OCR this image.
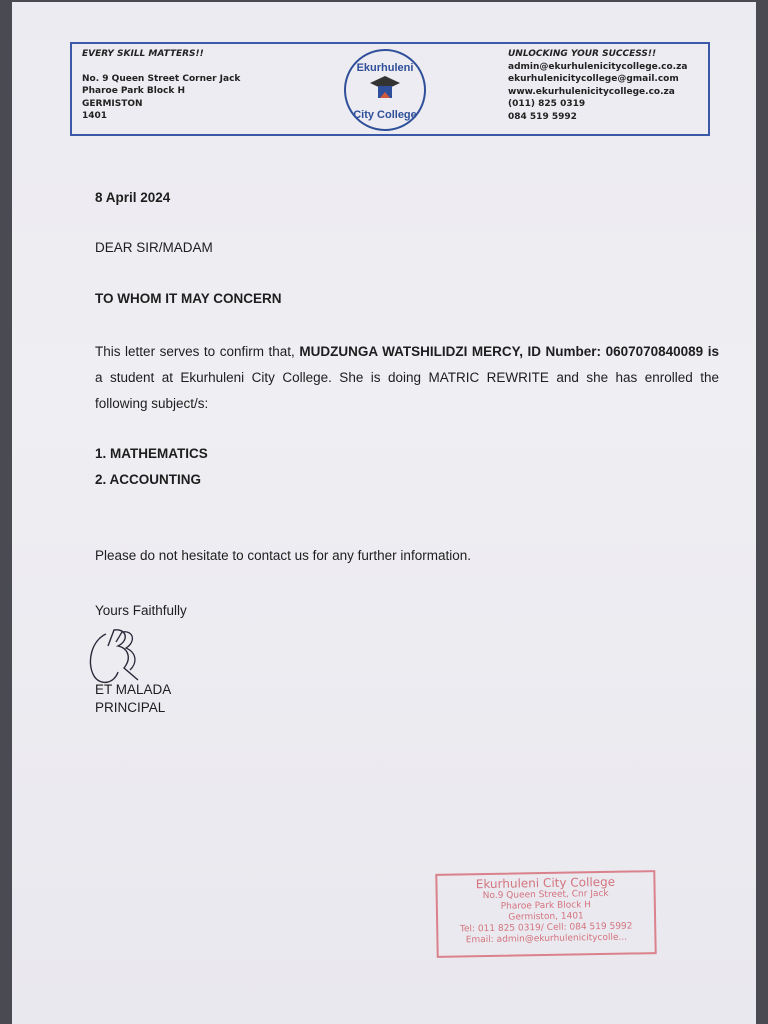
EVERY SKILL MATTERS!!
No. 9 Queen Street Corner Jack
Pharoe Park Block H
GERMISTON
1401
Ekurhuleni
City College
UNLOCKING YOUR SUCCESS!!
admin@ekurhulenicitycollege.co.za
ekurhulenicitycollege@gmail.com
www.ekurhulenicitycollege.co.za
(011) 825 0319
084 519 5992
8 April 2024
DEAR SIR/MADAM
TO WHOM IT MAY CONCERN
This letter serves to confirm that, MUDZUNGA WATSHILIDZI MERCY, ID Number: 0607070840089 is a student at Ekurhuleni City College. She is doing MATRIC REWRITE and she has enrolled the following subject/s:
1. MATHEMATICS
2. ACCOUNTING
Please do not hesitate to contact us for any further information.
Yours Faithfully
ET MALADA
PRINCIPAL
Ekurhuleni City College
No.9 Queen Street, Cnr Jack
Pharoe Park Block H
Germiston, 1401
Tel: 011 825 0319/ Cell: 084 519 5992
Email: admin@ekurhulenicitycolle...
